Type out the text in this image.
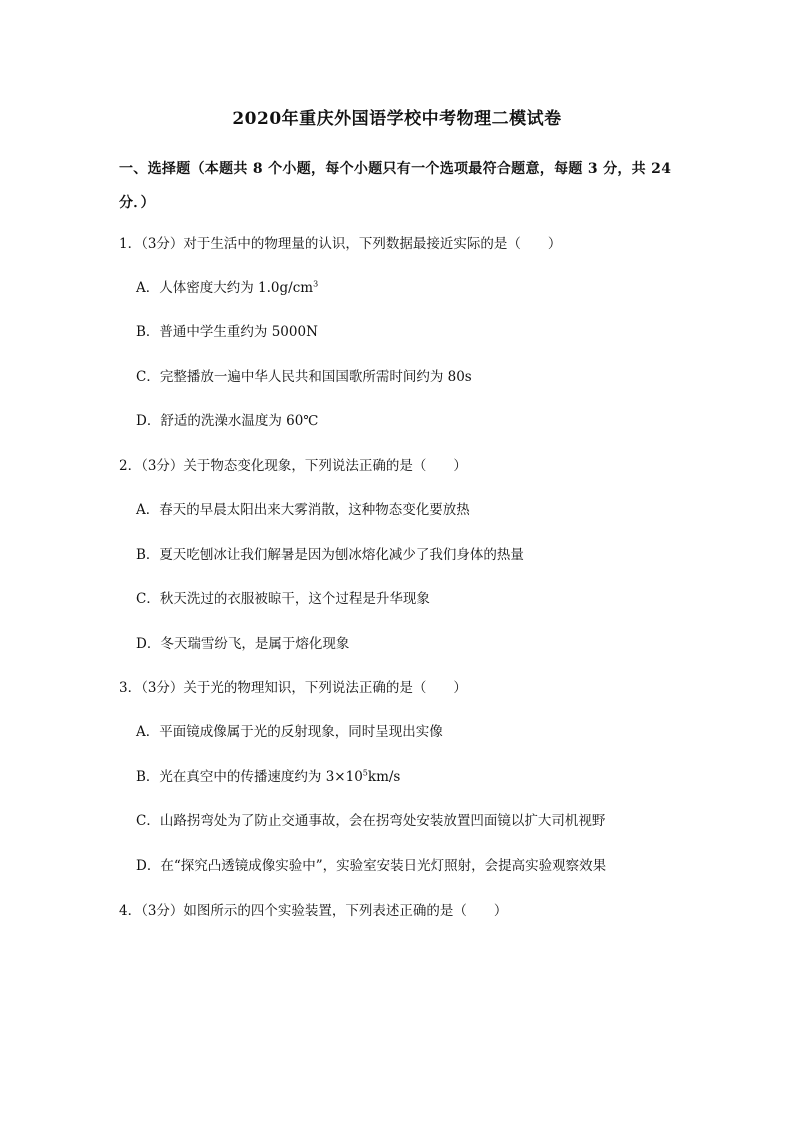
2020年重庆外国语学校中考物理二模试卷
一、选择题（本题共 8 个小题，每个小题只有一个选项最符合题意，每题 3 分，共 24 分．）
1．（3分）对于生活中的物理量的认识，下列数据最接近实际的是（　　）
A．人体密度大约为 $1.0g/cm^3$
B．普通中学生重约为 5000N
C．完整播放一遍中华人民共和国国歌所需时间约为 80s
D．舒适的洗澡水温度为 60℃
2．（3分）关于物态变化现象，下列说法正确的是（　　）
A．春天的早晨太阳出来大雾消散，这种物态变化要放热
B．夏天吃刨冰让我们解暑是因为刨冰熔化减少了我们身体的热量
C．秋天洗过的衣服被晾干，这个过程是升华现象
D．冬天瑞雪纷飞，是属于熔化现象
3．（3分）关于光的物理知识，下列说法正确的是（　　）
A．平面镜成像属于光的反射现象，同时呈现出实像
B．光在真空中的传播速度约为 $3\times 10^5km/s$
C．山路拐弯处为了防止交通事故，会在拐弯处安装放置凹面镜以扩大司机视野
D．在“探究凸透镜成像实验中”，实验室安装日光灯照射，会提高实验观察效果
4．（3分）如图所示的四个实验装置，下列表述正确的是（　　）
